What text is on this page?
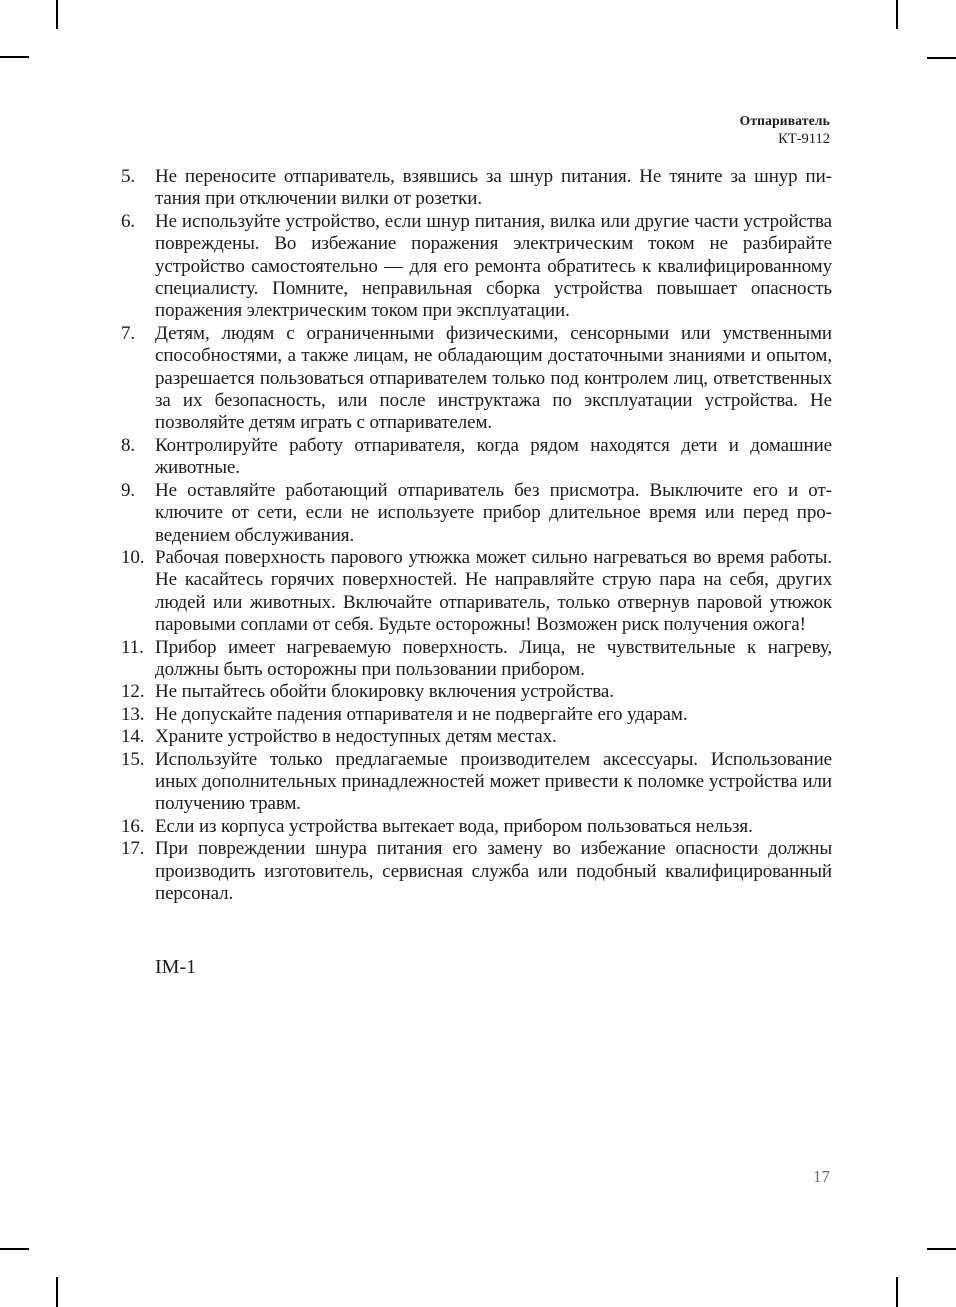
Отпариватель
КТ-9112
5.	Не переносите отпариватель, взявшись за шнур питания. Не тяните за шнур питания при отключении вилки от розетки.
6.	Не используйте устройство, если шнур питания, вилка или другие части устройства повреждены. Во избежание поражения электрическим током не разбирайте устройство самостоятельно — для его ремонта обратитесь к квалифицированному специалисту. Помните, неправильная сборка устройства повышает опасность поражения электрическим током при эксплуатации.
7.	Детям, людям с ограниченными физическими, сенсорными или умственными способностями, а также лицам, не обладающим достаточными знаниями и опытом, разрешается пользоваться отпаривателем только под контролем лиц, ответственных за их безопасность, или после инструктажа по эксплуатации устройства. Не позволяйте детям играть с отпаривателем.
8.	Контролируйте работу отпаривателя, когда рядом находятся дети и домашние животные.
9.	Не оставляйте работающий отпариватель без присмотра. Выключите его и отключите от сети, если не используете прибор длительное время или перед проведением обслуживания.
10. Рабочая поверхность парового утюжка может сильно нагреваться во время работы. Не касайтесь горячих поверхностей. Не направляйте струю пара на себя, других людей или животных. Включайте отпариватель, только отвернув паровой утюжок паровыми соплами от себя. Будьте осторожны! Возможен риск получения ожога!
11. Прибор имеет нагреваемую поверхность. Лица, не чувствительные к нагреву, должны быть осторожны при пользовании прибором.
12. Не пытайтесь обойти блокировку включения устройства.
13. Не допускайте падения отпаривателя и не подвергайте его ударам.
14. Храните устройство в недоступных детям местах.
15. Используйте только предлагаемые производителем аксессуары. Использование иных дополнительных принадлежностей может привести к поломке устройства или получению травм.
16. Если из корпуса устройства вытекает вода, прибором пользоваться нельзя.
17. При повреждении шнура питания его замену во избежание опасности должны производить изготовитель, сервисная служба или подобный квалифицированный персонал.
IM-1
17
